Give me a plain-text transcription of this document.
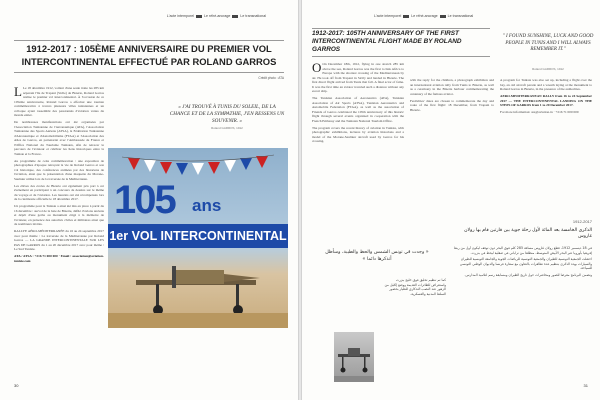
L'acte intemporel	Le réhé-ancrage	Le transnational
1912-2017 : 105ÈME ANNIVERSAIRE DU PREMIER VOL INTERCONTINENTAL EFFECTUÉ PAR ROLAND GARROS
Crédit photo : ATA

L Le 18 décembre 1912, voilant d'une seule traite les 285 km séparant l'île de Trapani (Sicile) de Bizerte, Roland Garros réalise le premier vol intercontinental. À l'occasion de ce 105ème anniversaire, Roland Garros a effectué une tournée commémorative à travers plusieurs villes tunisiennes et un colloque ayant rassemblé des passionnés d'aviation venus du monde entier.

De nombreuses manifestations ont été organisées par l'Association Tunisienne de l'Aéronautique (ATA), l'Association Tunisienne des Sports Aériens (ATSA), la Fédération Tunisienne d'Aéronautique et d'Automobilisme (FTAA) et l'Association des Ailes de Garros, en partenariat avec l'Ambassade de France et l'Office National du Tourisme Tunisien, afin de retracer le parcours de l'aviateur et célébrer les liens historiques entre la Tunisie et la France.

Au programme de cette commémoration : une exposition de photographies d'époque retraçant la vie de Roland Garros et son vol historique, des conférences animées par des historiens de l'aviation, ainsi que la présentation d'une maquette du Morane-Saulnier utilisé lors de la traversée de la Méditerranée.

Les élèves des écoles de Bizerte ont également pris part à cet événement en participant à un concours de dessins sur le thème du voyage et de l'aviation. Les lauréats ont été récompensés lors de la cérémonie officielle le 18 décembre 2017.

Un programme pour la Tunisie a ainsi été mis en place à partir du 16 décembre : survol de la baie de Bizerte, défilé d'avions anciens et dépôt d'une gerbe au monument érigé à la mémoire de l'aviateur, en présence des autorités civiles et militaires ainsi que de nombreux invités.

RALLYE AÉRO-MÉDITERRANÉE du 16 au 24 septembre 2017 avec pour thème : La traversée de la Méditerranée par Roland Garros — LA GRANDE INTERCONTINENTALE SUR LES PAS DE GARROS du 1 au 20 décembre 2017 avec pour thème : Le Sud Tunisie.

ATA / ATSA : +216 71 000 000 · Email : association@aviation-tunisie.com

« J'AI TROUVÉ À TUNIS DU SOLEIL, DE LA CHANCE ET DE LA SYMPATHIE, J'EN RESSENS UN SOUVENIR. »
Roland GARROS, 1912
105 ans
1er VOL INTERCONTINENTAL
30
L'acte intemporel	Le réhé-ancrage	Le transnational
1912-2017: 105TH ANNIVERSARY OF THE FIRST INTERCONTINENTAL FLIGHT MADE BY ROLAND GARROS
" I FOUND SUNSHINE, LUCK AND GOOD PEOPLE IN TUNIS AND I WILL ALWAYS REMEMBER IT."
Roland GARROS, 1912

O On December 18th, 1912, flying in one stretch 285 km above the sea, Roland Garros was the first to link Africa to Europe with the shortest crossing of the Mediterranean by air. He took off from Trapani in Sicily and landed in Bizerte. The first direct flight arrived from Tunis that fall. A final actor of fame. It was the first time an aviator traveled such a distance without any escort ship.

The Tunisian Association of Aeronautics (ATA), Tunisian Association of Air Sports (ATSA), Tunisian Aeronautics and Automobile Federation (FTAA), as well as the association of Friends of Garros celebrated the 105th anniversary of this historic flight through several events organized in cooperation with the French Embassy and the Tunisian National Tourism Office.

The program covers the recent history of aviation in Tunisia, with photographic exhibitions, lectures by aviation historians and a model of the Morane-Saulnier aircraft used by Garros for his crossing.

with the reply for the children, a photograph exhibition and an international aviation rally from Tunis to Bizerte, as well as a ceremony in the Bizerte harbour commemorating the centenary of the famous aviator.

Festivities' dates are chosen to commemorate the day and route of the first flight: 18 December, from Trapani to Bizerte.

A program for Tunisia was also set up, including a flight over the bay, an old aircraft parade and a wreath laying at the monument to Roland Garros in Bizerte, in the presence of the authorities.

AERO-MEDITERRANEAN RALLY from 16 to 24 September 2017 — THE INTERCONTINENTAL LANDING ON THE STEPS OF GARROS from 1 to 20 December 2017.

For more information: ata@aviation.tn · +216 71 000 000

1912-2017
الذكرى الخامسة بعد المائة لأول رحلة جوية بين قارتين قام بها رولان غاروس

في 18 ديسمبر 1912، قطع رولان غاروس مسافة 285 كلم فوق البحر دون توقف ليكون أول من ربط إفريقيا بأوروبا عبر البحر الأبيض المتوسط، منطلقا من تراباني في صقلية ليحط في بنزرت.

احتفلت الجمعية التونسية للطيران والجمعية التونسية للرياضات الجوية والجامعة التونسية للطيران والسيارات بهذه الذكرى بتنظيم عدة تظاهرات بالتعاون مع سفارة فرنسا والديوان الوطني التونسي للسياحة.

وتضمن البرنامج معرضا للصور ومحاضرات حول تاريخ الطيران ومسابقة رسم لتلاميذ المدارس.

« وجدت في تونس الشمس والحظ والطيبة، وسأظل أتذكرها دائما »

كما تم تنظيم تحليق فوق خليج بنزرت واستعراض للطائرات القديمة ووضع إكليل من الزهور عند النصب التذكاري للطيار بحضور السلط المدنية والعسكرية.

31
